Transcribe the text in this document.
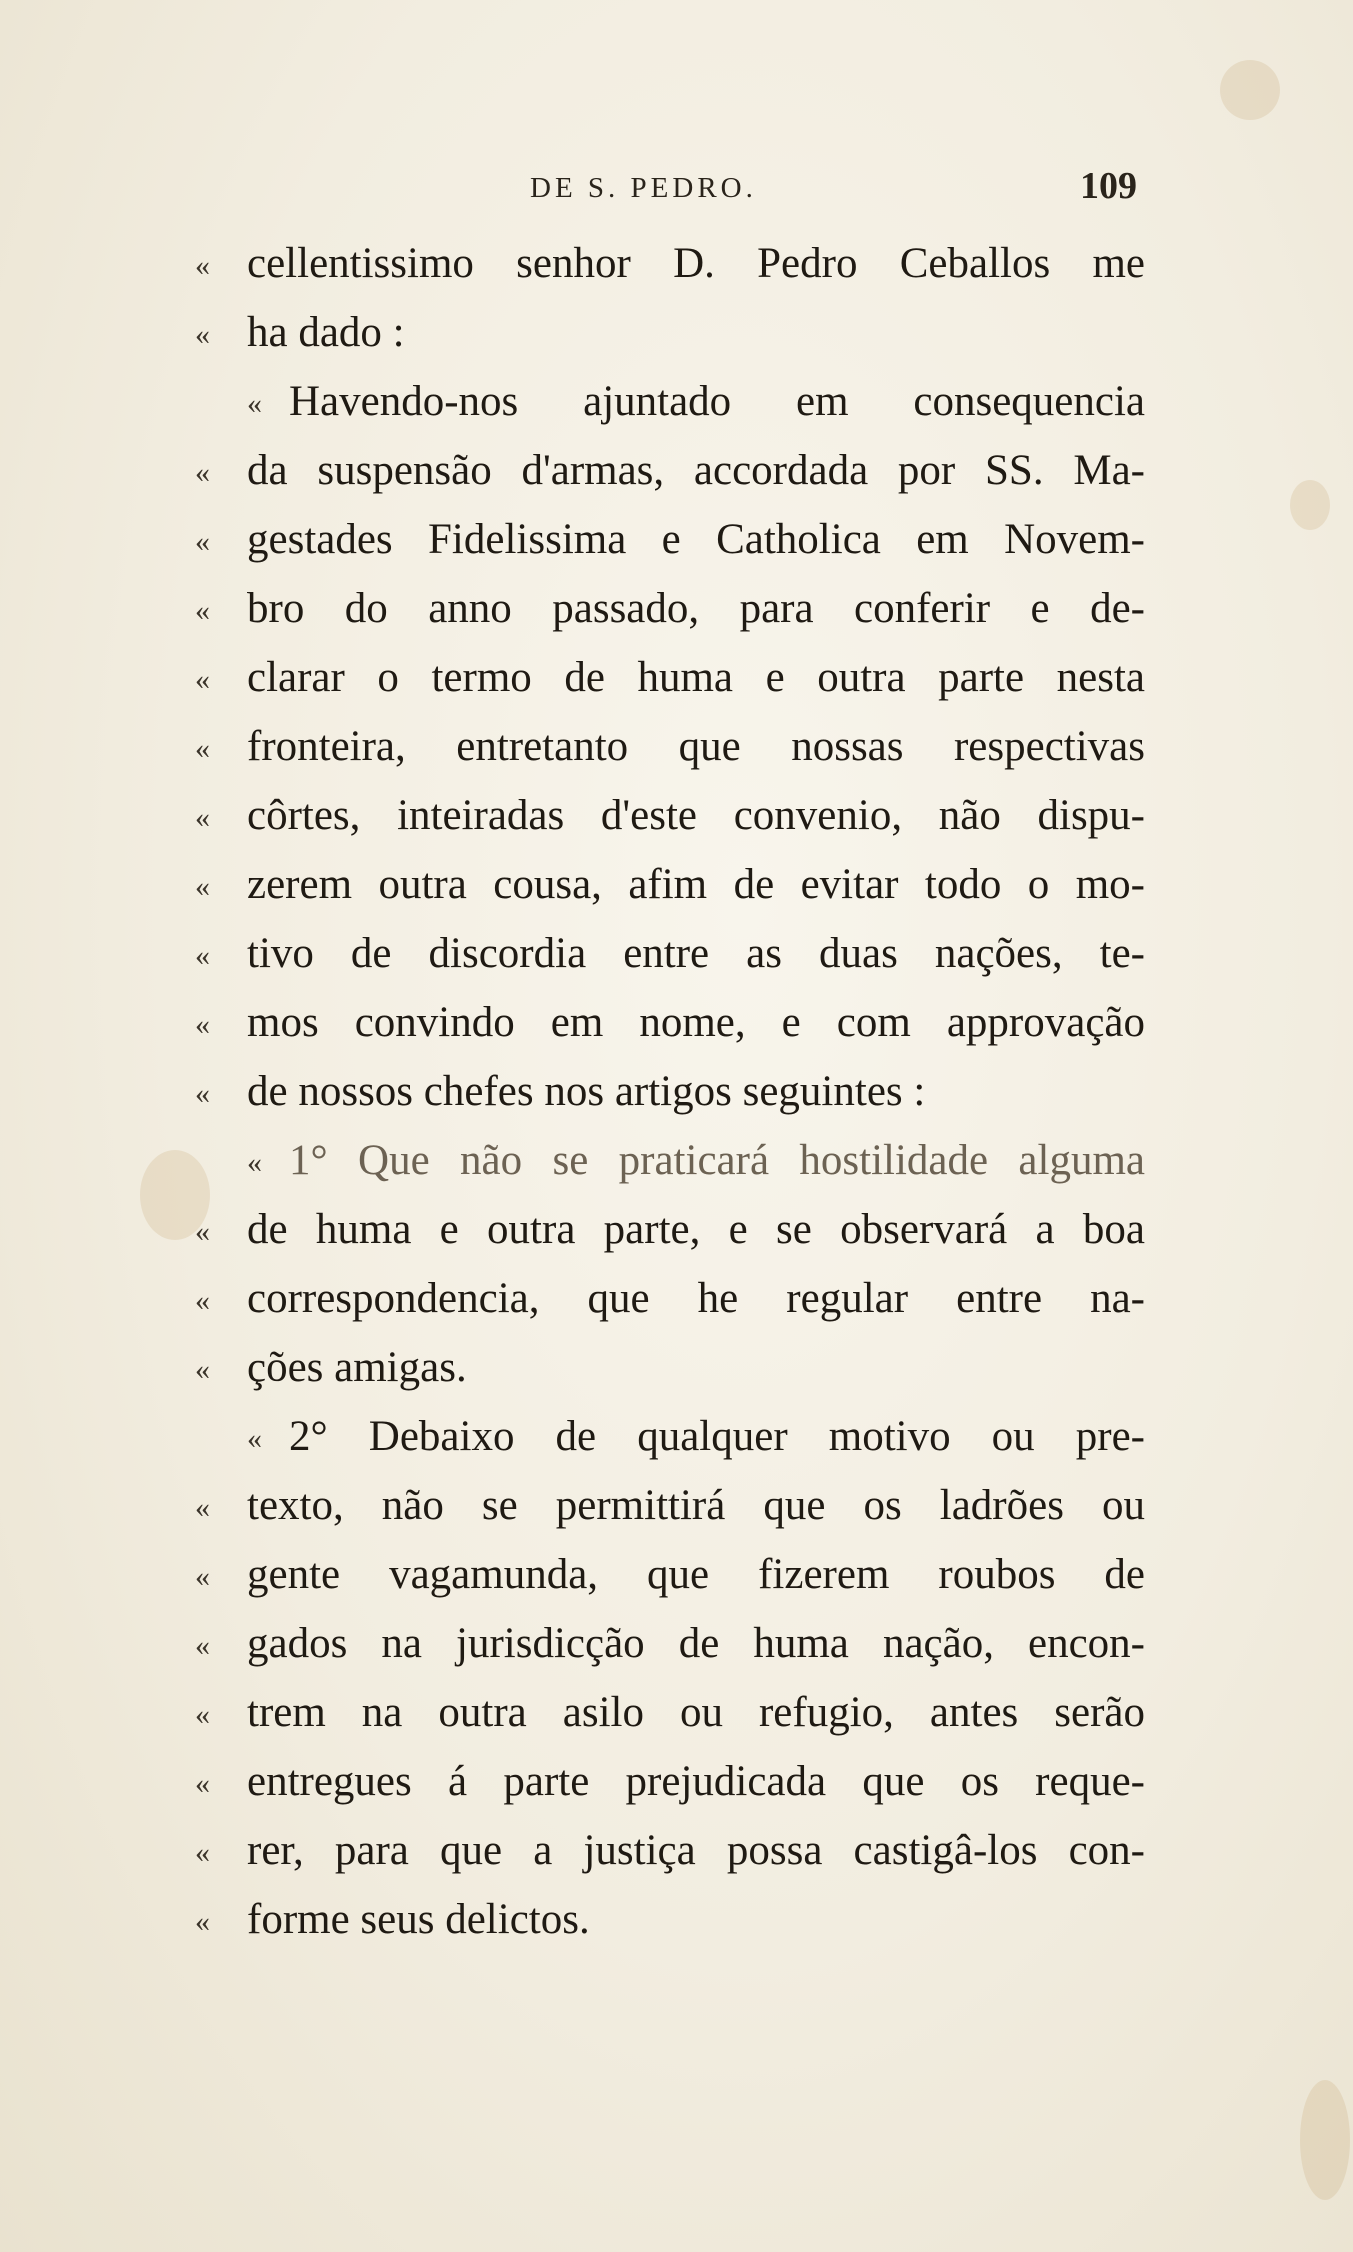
DE S. PEDRO.	109
« cellentissimo senhor D. Pedro Ceballos me
« ha dado :
« Havendo-nos ajuntado em consequencia
« da suspensão d'armas, accordada por SS. Ma-
« gestades Fidelissima e Catholica em Novem-
« bro do anno passado, para conferir e de-
« clarar o termo de huma e outra parte nesta
« fronteira, entretanto que nossas respectivas
« côrtes, inteiradas d'este convenio, não dispu-
« zerem outra cousa, afim de evitar todo o mo-
« tivo de discordia entre as duas nações, te-
« mos convindo em nome, e com approvação
« de nossos chefes nos artigos seguintes :
« 1° Que não se praticará hostilidade alguma
« de huma e outra parte, e se observará a boa
« correspondencia, que he regular entre na-
« ções amigas.
« 2° Debaixo de qualquer motivo ou pre-
« texto, não se permittirá que os ladrões ou
« gente vagamunda, que fizerem roubos de
« gados na jurisdicção de huma nação, encon-
« trem na outra asilo ou refugio, antes serão
« entregues á parte prejudicada que os reque-
« rer, para que a justiça possa castigâ-los con-
« forme seus delictos.
